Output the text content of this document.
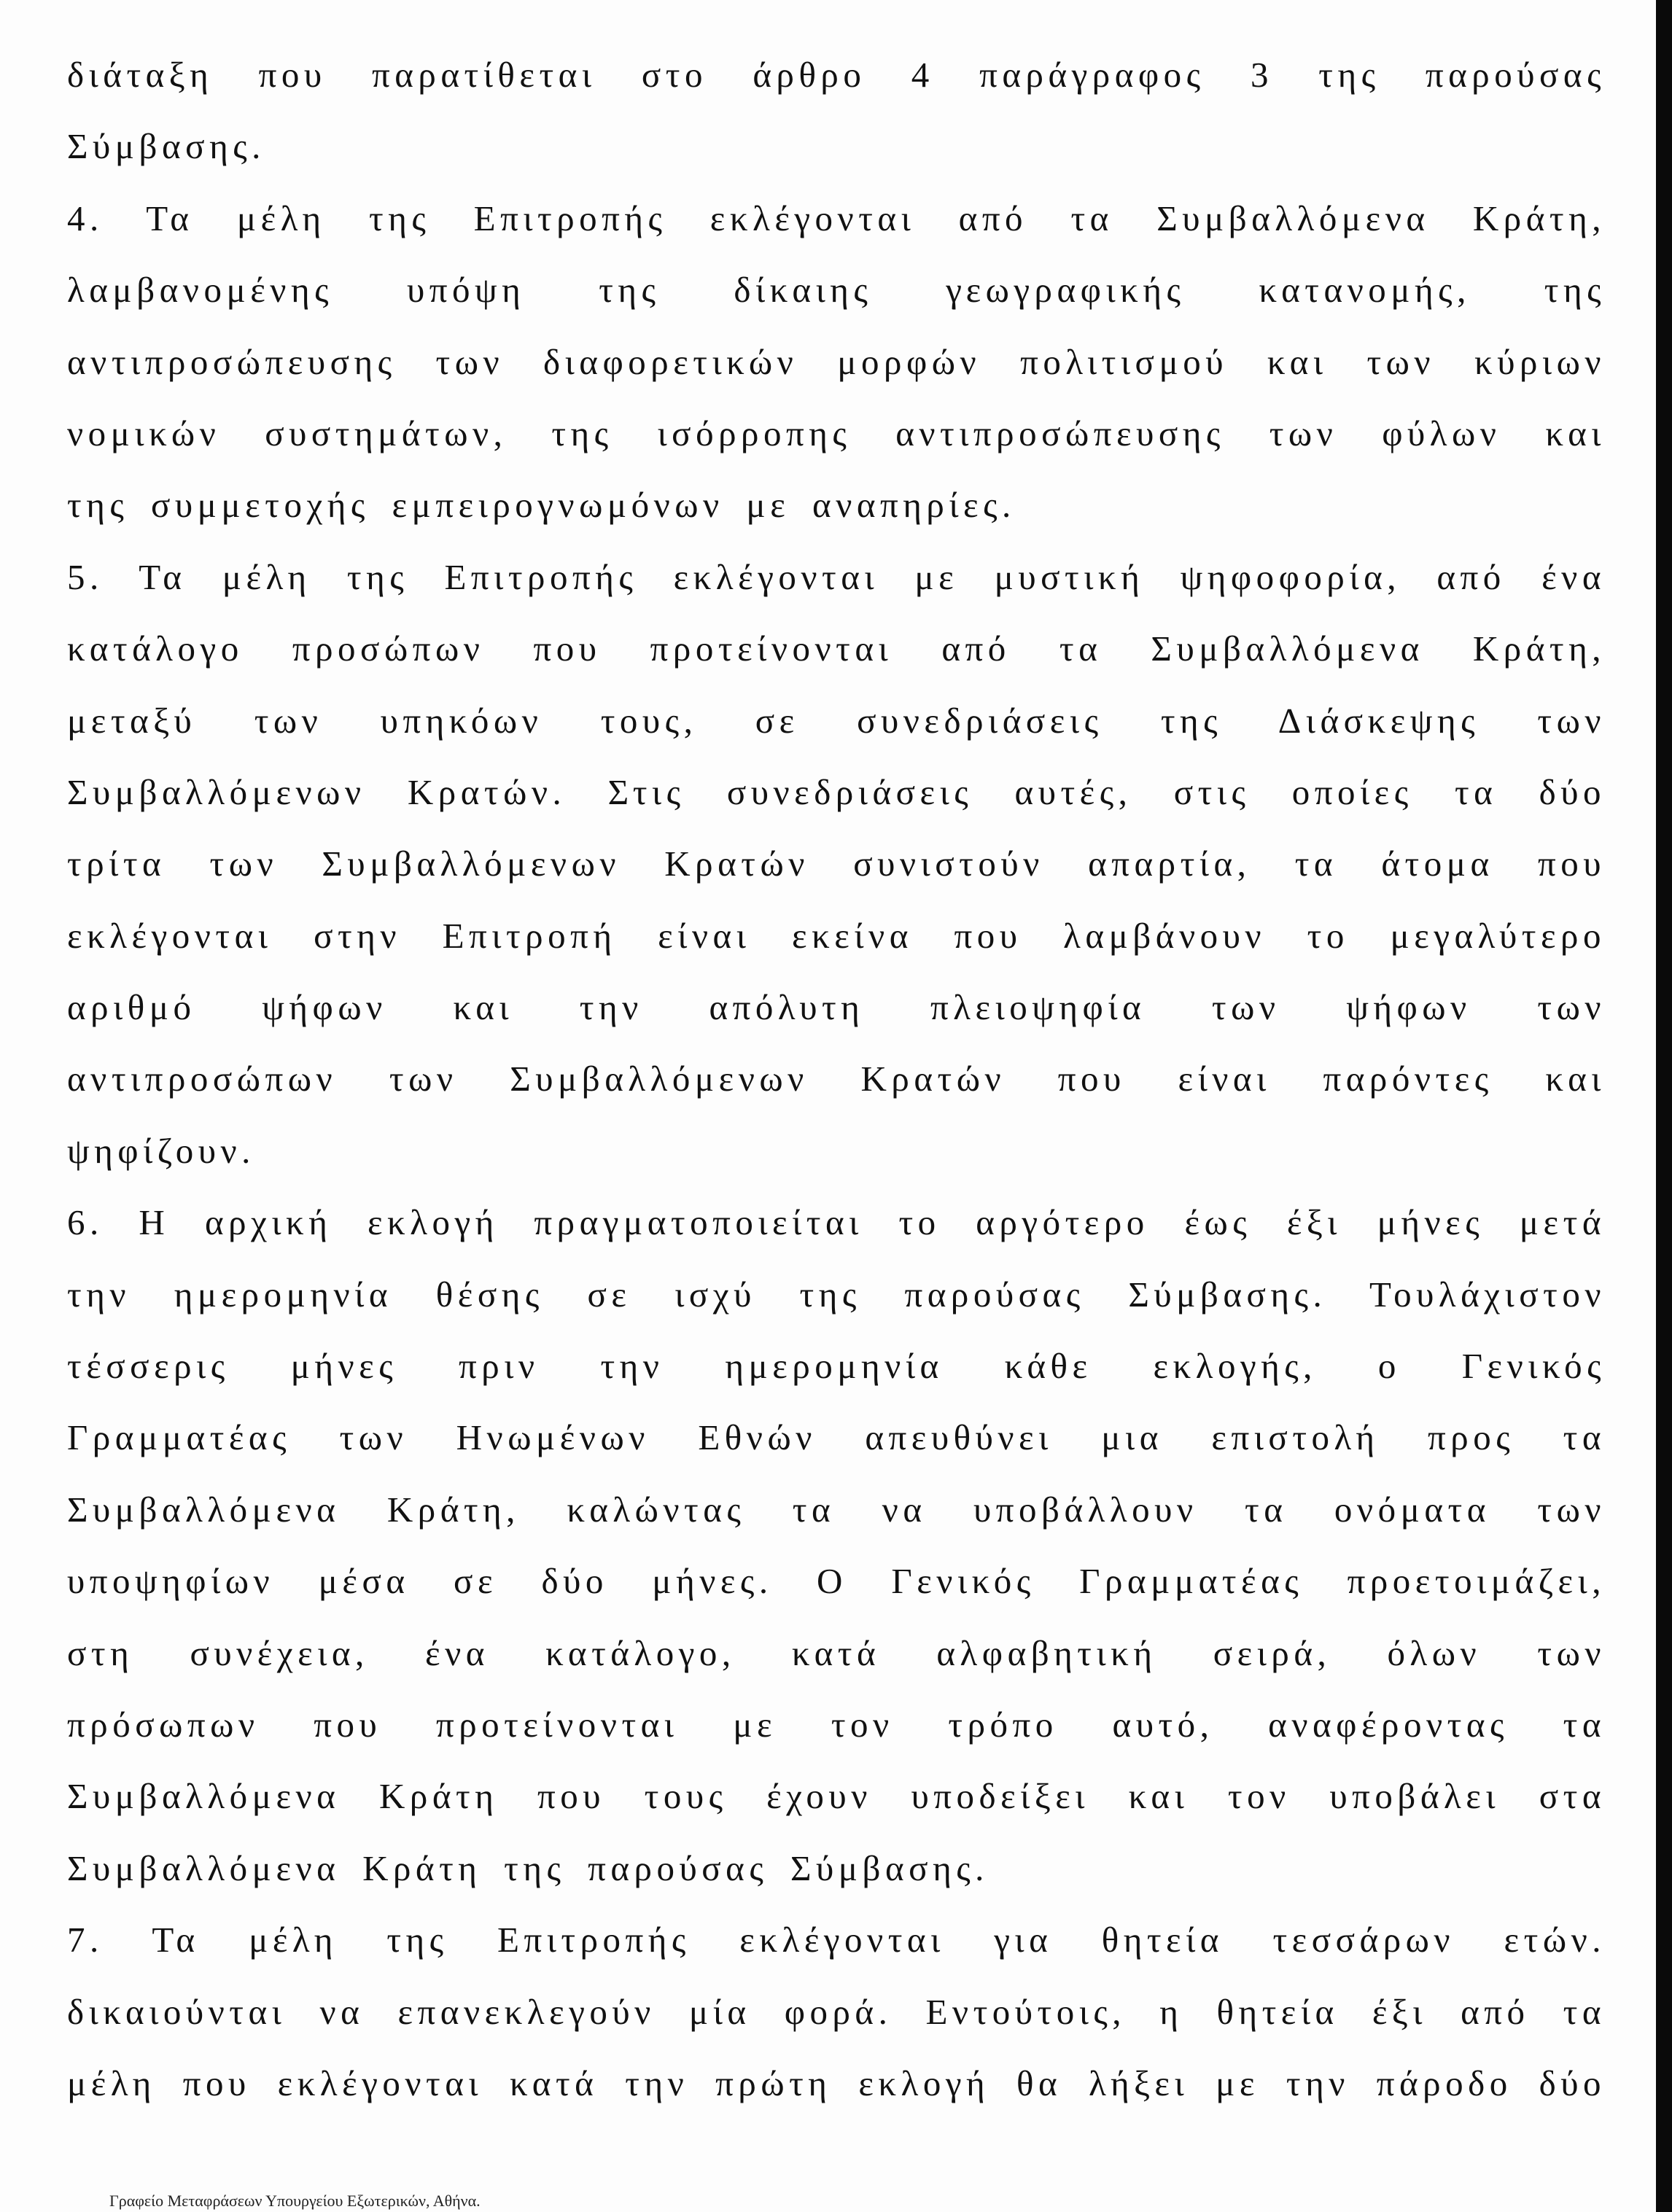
διάταξη που παρατίθεται στο άρθρο 4 παράγραφος 3 της παρούσας
Σύμβασης.
4. Τα μέλη της Επιτροπής εκλέγονται από τα Συμβαλλόμενα Κράτη,
λαμβανομένης υπόψη της δίκαιης γεωγραφικής κατανομής, της
αντιπροσώπευσης των διαφορετικών μορφών πολιτισμού και των κύριων
νομικών συστημάτων, της ισόρροπης αντιπροσώπευσης των φύλων και
της συμμετοχής εμπειρογνωμόνων με αναπηρίες.
5. Τα μέλη της Επιτροπής εκλέγονται με μυστική ψηφοφορία, από ένα
κατάλογο προσώπων που προτείνονται από τα Συμβαλλόμενα Κράτη,
μεταξύ των υπηκόων τους, σε συνεδριάσεις της Διάσκεψης των
Συμβαλλόμενων Κρατών. Στις συνεδριάσεις αυτές, στις οποίες τα δύο
τρίτα των Συμβαλλόμενων Κρατών συνιστούν απαρτία, τα άτομα που
εκλέγονται στην Επιτροπή είναι εκείνα που λαμβάνουν το μεγαλύτερο
αριθμό ψήφων και την απόλυτη πλειοψηφία των ψήφων των
αντιπροσώπων των Συμβαλλόμενων Κρατών που είναι παρόντες και
ψηφίζουν.
6. Η αρχική εκλογή πραγματοποιείται το αργότερο έως έξι μήνες μετά
την ημερομηνία θέσης σε ισχύ της παρούσας Σύμβασης. Τουλάχιστον
τέσσερις μήνες πριν την ημερομηνία κάθε εκλογής, ο Γενικός
Γραμματέας των Ηνωμένων Εθνών απευθύνει μια επιστολή προς τα
Συμβαλλόμενα Κράτη, καλώντας τα να υποβάλλουν τα ονόματα των
υποψηφίων μέσα σε δύο μήνες. Ο Γενικός Γραμματέας προετοιμάζει,
στη συνέχεια, ένα κατάλογο, κατά αλφαβητική σειρά, όλων των
πρόσωπων που προτείνονται με τον τρόπο αυτό, αναφέροντας τα
Συμβαλλόμενα Κράτη που τους έχουν υποδείξει και τον υποβάλει στα
Συμβαλλόμενα Κράτη της παρούσας Σύμβασης.
7. Τα μέλη της Επιτροπής εκλέγονται για θητεία τεσσάρων ετών.
δικαιούνται να επανεκλεγούν μία φορά. Εντούτοις, η θητεία έξι από τα
μέλη που εκλέγονται κατά την πρώτη εκλογή θα λήξει με την πάροδο δύο
Γραφείο Μεταφράσεων Υπουργείου Εξωτερικών, Αθήνα.
